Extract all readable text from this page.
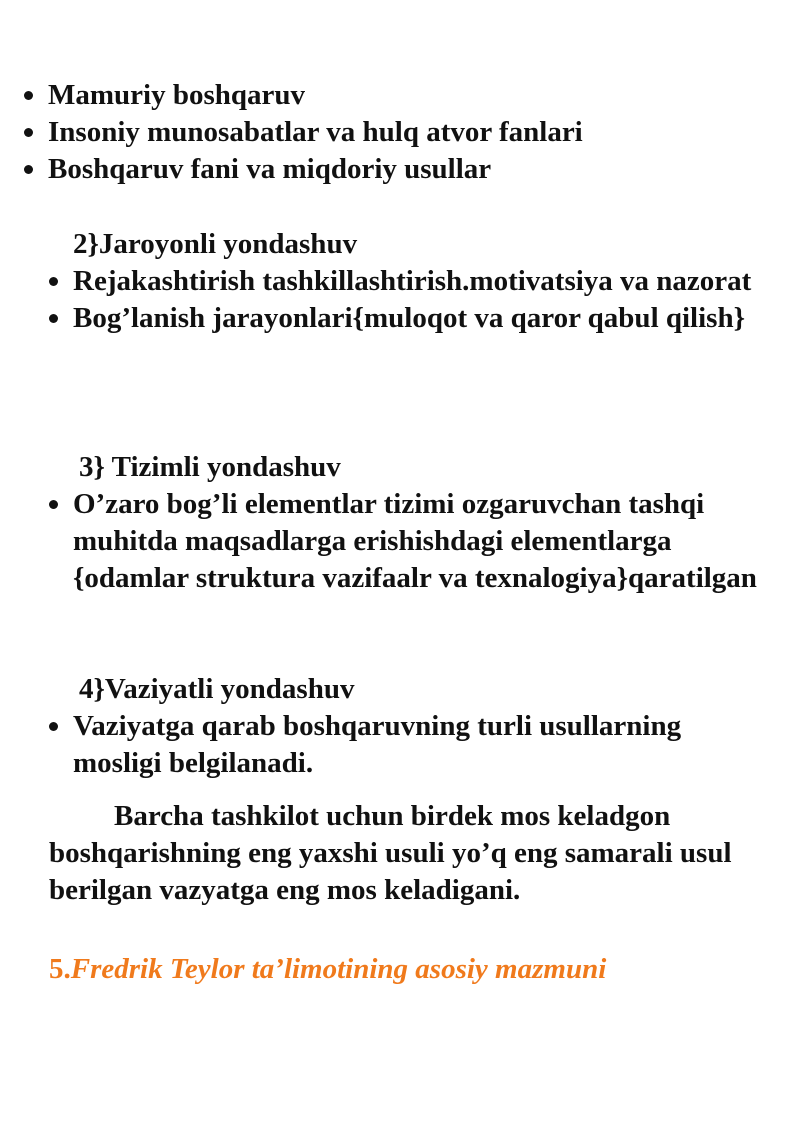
Mamuriy boshqaruv
Insoniy munosabatlar va hulq atvor fanlari
Boshqaruv fani va miqdoriy usullar
2}Jaroyonli yondashuv
Rejakashtirish tashkillashtirish.motivatsiya va nazorat
Bog’lanish jarayonlari{muloqot va qaror qabul qilish}
3} Tizimli yondashuv
O’zaro bog’li elementlar tizimi ozgaruvchan tashqi muhitda maqsadlarga erishishdagi elementlarga {odamlar struktura vazifaalr va texnalogiya}qaratilgan
4}Vaziyatli yondashuv
Vaziyatga qarab boshqaruvning turli usullarning mosligi belgilanadi.
Barcha tashkilot uchun birdek mos keladgon boshqarishning eng yaxshi usuli yo’q eng samarali usul berilgan vazyatga eng mos keladigani.
5.Fredrik Teylor ta’limotining asosiy mazmuni
